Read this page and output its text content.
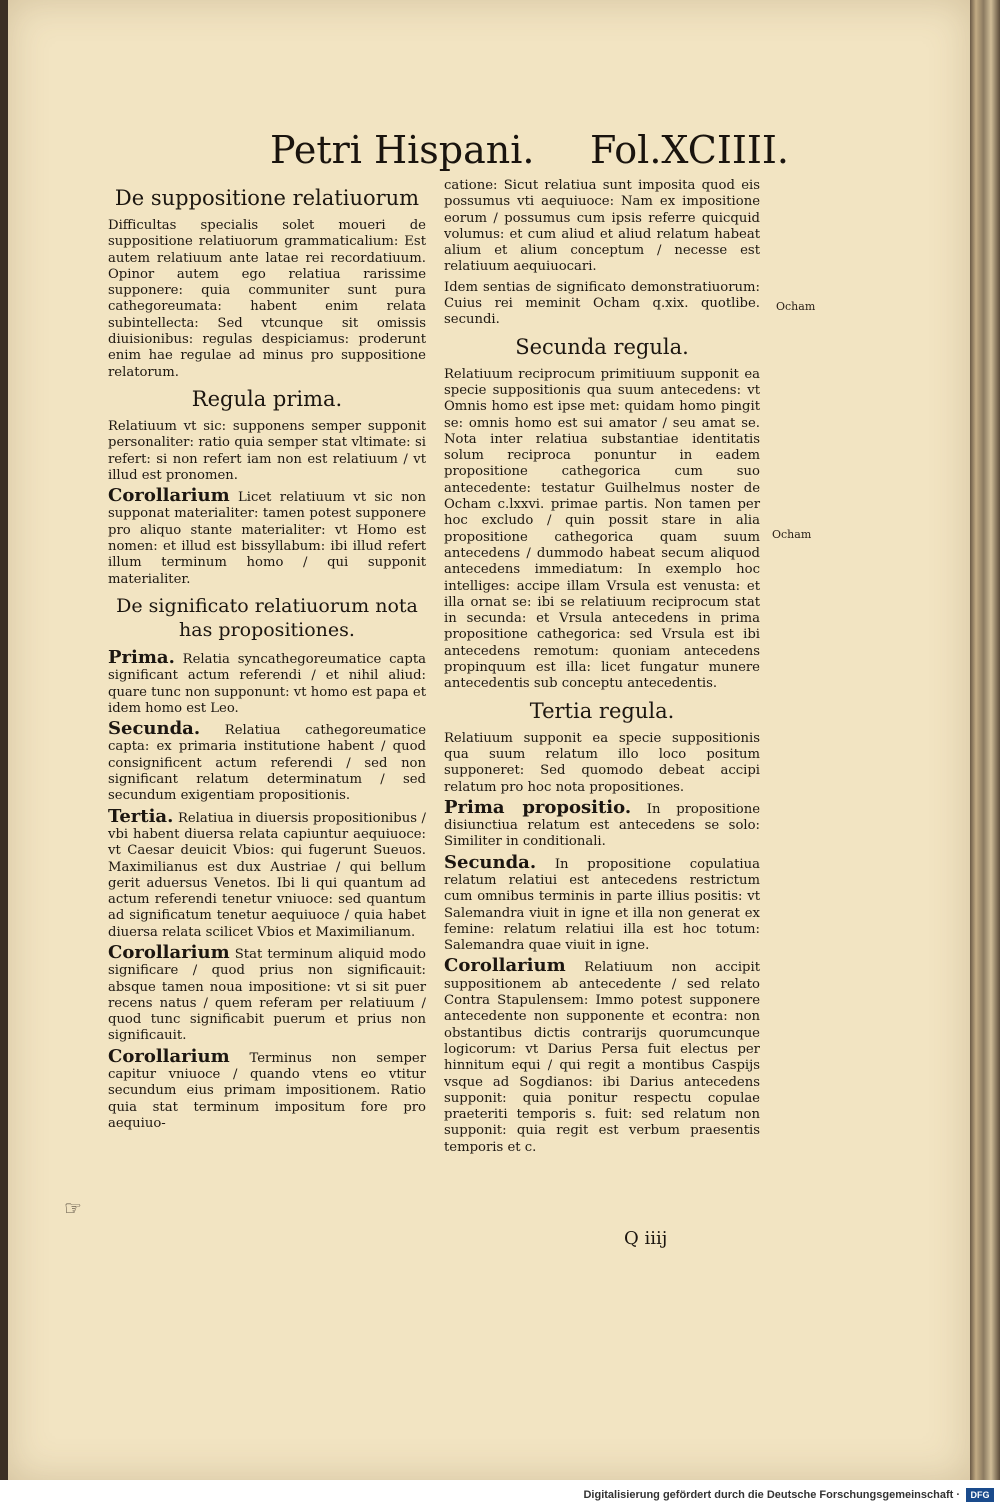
Petri Hispani. Fol.XCIIII.
De suppositione relatiuorum

Difficultas specialis solet moueri de suppositione relatiuorum grammaticalium: Est autem relatiuum ante latae rei recordatiuum. Opinor autem ego relatiua rarissime supponere: quia communiter sunt pura cathegoreumata: habent enim relata subintellecta: Sed vtcunque sit omissis diuisionibus: regulas despiciamus: proderunt enim hae regulae ad minus pro suppositione relatorum.

Regula prima.

Relatiuum vt sic: supponens semper supponit personaliter: ratio quia semper stat vltimate: si refert: si non refert iam non est relatiuum / vt illud est pronomen.

Corollarium Licet relatiuum vt sic non supponat materialiter: tamen potest supponere pro aliquo stante materialiter: vt Homo est nomen: et illud est bissyllabum: ibi illud refert illum terminum homo / qui supponit materialiter.

De significato relatiuorum nota has propositiones.

Prima. Relatia syncathegoreumatice capta significant actum referendi / et nihil aliud: quare tunc non supponunt: vt homo est papa et idem homo est Leo.

Secunda. Relatiua cathegoreumatice capta: ex primaria institutione habent / quod consignificent actum referendi / sed non significant relatum determinatum / sed secundum exigentiam propositionis.

Tertia. Relatiua in diuersis propositionibus / vbi habent diuersa relata capiuntur aequiuoce: vt Caesar deuicit Vbios: qui fugerunt Sueuos. Maximilianus est dux Austriae / qui bellum gerit aduersus Venetos. Ibi li qui quantum ad actum referendi tenetur vniuoce: sed quantum ad significatum tenetur aequiuoce / quia habet diuersa relata scilicet Vbios et Maximilianum.

Corollarium Stat terminum aliquid modo significare / quod prius non significauit: absque tamen noua impositione: vt si sit puer recens natus / quem referam per relatiuum / quod tunc significabit puerum et prius non significauit.

Corollarium Terminus non semper capitur vniuoce / quando vtens eo vtitur secundum eius primam impositionem. Ratio quia stat terminum impositum fore pro aequiuo-

catione: Sicut relatiua sunt imposita quod eis possumus vti aequiuoce: Nam ex impositione eorum / possumus cum ipsis referre quicquid volumus: et cum aliud et aliud relatum habeat alium et alium conceptum / necesse est relatiuum aequiuocari.

Idem sentias de significato demonstratiuorum: Cuius rei meminit Ocham q.xix. quotlibe. secundi.

Secunda regula.

Relatiuum reciprocum primitiuum supponit ea specie suppositionis qua suum antecedens: vt Omnis homo est ipse met: quidam homo pingit se: omnis homo est sui amator / seu amat se. Nota inter relatiua substantiae identitatis solum reciproca ponuntur in eadem propositione cathegorica cum suo antecedente: testatur Guilhelmus noster de Ocham c.lxxvi. primae partis. Non tamen per hoc excludo / quin possit stare in alia propositione cathegorica quam suum antecedens / dummodo habeat secum aliquod antecedens immediatum: In exemplo hoc intelliges: accipe illam Vrsula est venusta: et illa ornat se: ibi se relatiuum reciprocum stat in secunda: et Vrsula antecedens in prima propositione cathegorica: sed Vrsula est ibi antecedens remotum: quoniam antecedens propinquum est illa: licet fungatur munere antecedentis sub conceptu antecedentis.

Tertia regula.

Relatiuum supponit ea specie suppositionis qua suum relatum illo loco positum supponeret: Sed quomodo debeat accipi relatum pro hoc nota propositiones.

Prima propositio. In propositione disiunctiua relatum est antecedens se solo: Similiter in conditionali.

Secunda. In propositione copulatiua relatum relatiui est antecedens restrictum cum omnibus terminis in parte illius positis: vt Salemandra viuit in igne et illa non generat ex femine: relatum relatiui illa est hoc totum: Salemandra quae viuit in igne.

Corollarium Relatiuum non accipit suppositionem ab antecedente / sed relato Contra Stapulensem: Immo potest supponere antecedente non supponente et econtra: non obstantibus dictis contrarijs quorumcunque logicorum: vt Darius Persa fuit electus per hinnitum equi / qui regit a montibus Caspijs vsque ad Sogdianos: ibi Darius antecedens supponit: quia ponitur respectu copulae praeteriti temporis s. fuit: sed relatum non supponit: quia regit est verbum praesentis temporis et c.

Ocham
Ocham
☞
Q iiij
Digitalisierung gefördert durch die Deutsche Forschungsgemeinschaft ·	DFG
